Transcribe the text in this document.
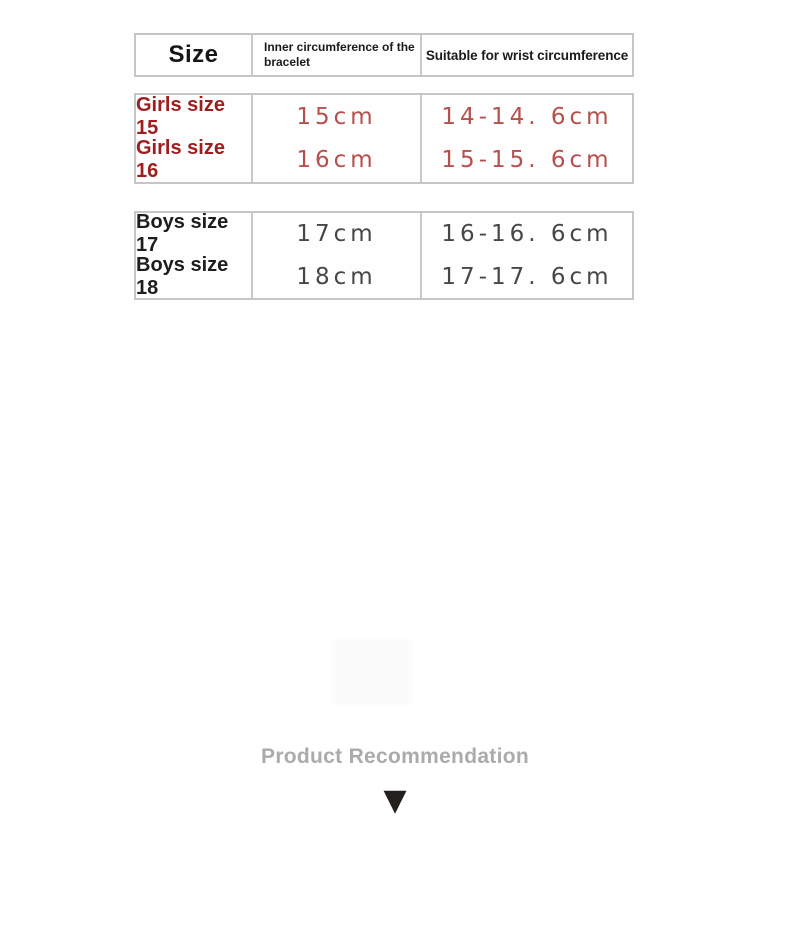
Size	Inner circumference of the bracelet	Suitable for wrist circumference
Girls size 15	15cm	14-14. 6cm
Girls size 16	16cm	15-15. 6cm
Boys size 17	17cm	16-16. 6cm
Boys size 18	18cm	17-17. 6cm
Product Recommendation
▼
